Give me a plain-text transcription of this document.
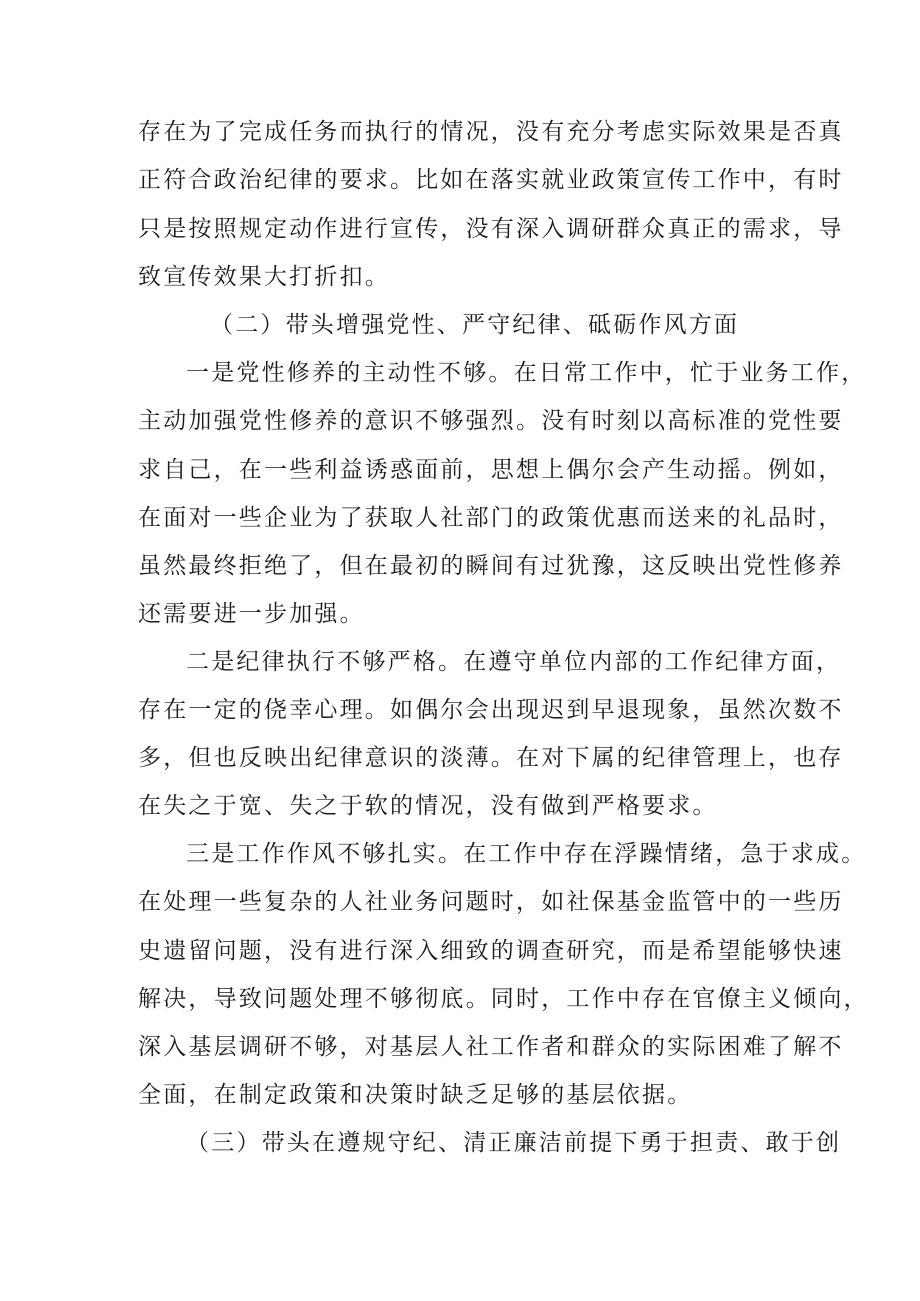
存在为了完成任务而执行的情况，没有充分考虑实际效果是否真
正符合政治纪律的要求。比如在落实就业政策宣传工作中，有时
只是按照规定动作进行宣传，没有深入调研群众真正的需求，导
致宣传效果大打折扣。
（二）带头增强党性、严守纪律、砥砺作风方面
一是党性修养的主动性不够。在日常工作中，忙于业务工作，
主动加强党性修养的意识不够强烈。没有时刻以高标准的党性要
求自己，在一些利益诱惑面前，思想上偶尔会产生动摇。例如，
在面对一些企业为了获取人社部门的政策优惠而送来的礼品时，
虽然最终拒绝了，但在最初的瞬间有过犹豫，这反映出党性修养
还需要进一步加强。
二是纪律执行不够严格。在遵守单位内部的工作纪律方面，
存在一定的侥幸心理。如偶尔会出现迟到早退现象，虽然次数不
多，但也反映出纪律意识的淡薄。在对下属的纪律管理上，也存
在失之于宽、失之于软的情况，没有做到严格要求。
三是工作作风不够扎实。在工作中存在浮躁情绪，急于求成。
在处理一些复杂的人社业务问题时，如社保基金监管中的一些历
史遗留问题，没有进行深入细致的调查研究，而是希望能够快速
解决，导致问题处理不够彻底。同时，工作中存在官僚主义倾向，
深入基层调研不够，对基层人社工作者和群众的实际困难了解不
全面，在制定政策和决策时缺乏足够的基层依据。
（三）带头在遵规守纪、清正廉洁前提下勇于担责、敢于创
